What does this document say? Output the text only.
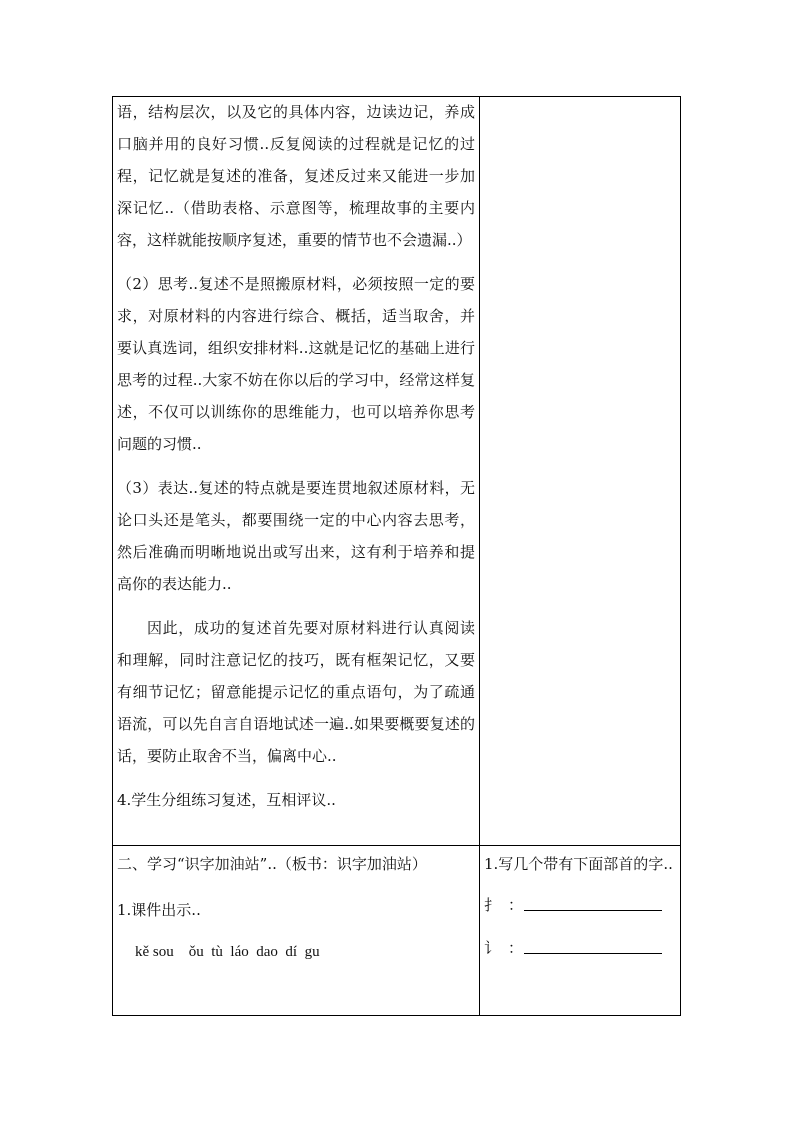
语，结构层次，以及它的具体内容，边读边记，养成口脑并用的良好习惯..反复阅读的过程就是记忆的过程，记忆就是复述的准备，复述反过来又能进一步加深记忆..（借助表格、示意图等，梳理故事的主要内容，这样就能按顺序复述，重要的情节也不会遗漏..）

（2）思考..复述不是照搬原材料，必须按照一定的要求，对原材料的内容进行综合、概括，适当取舍，并要认真选词，组织安排材料..这就是记忆的基础上进行思考的过程..大家不妨在你以后的学习中，经常这样复述，不仅可以训练你的思维能力，也可以培养你思考问题的习惯..

（3）表达..复述的特点就是要连贯地叙述原材料，无论口头还是笔头，都要围绕一定的中心内容去思考，然后准确而明晰地说出或写出来，这有利于培养和提高你的表达能力..

因此，成功的复述首先要对原材料进行认真阅读和理解，同时注意记忆的技巧，既有框架记忆，又要有细节记忆；留意能提示记忆的重点语句，为了疏通语流，可以先自言自语地试述一遍..如果要概要复述的话，要防止取舍不当，偏离中心..

4.学生分组练习复述，互相评议..

二、学习“识字加油站”..（板书：识字加油站）

1.课件出示..

kě sou    ǒu  tù  láo  dao  dí  gu

1.写几个带有下面部首的字..

扌 ：
讠 ：
